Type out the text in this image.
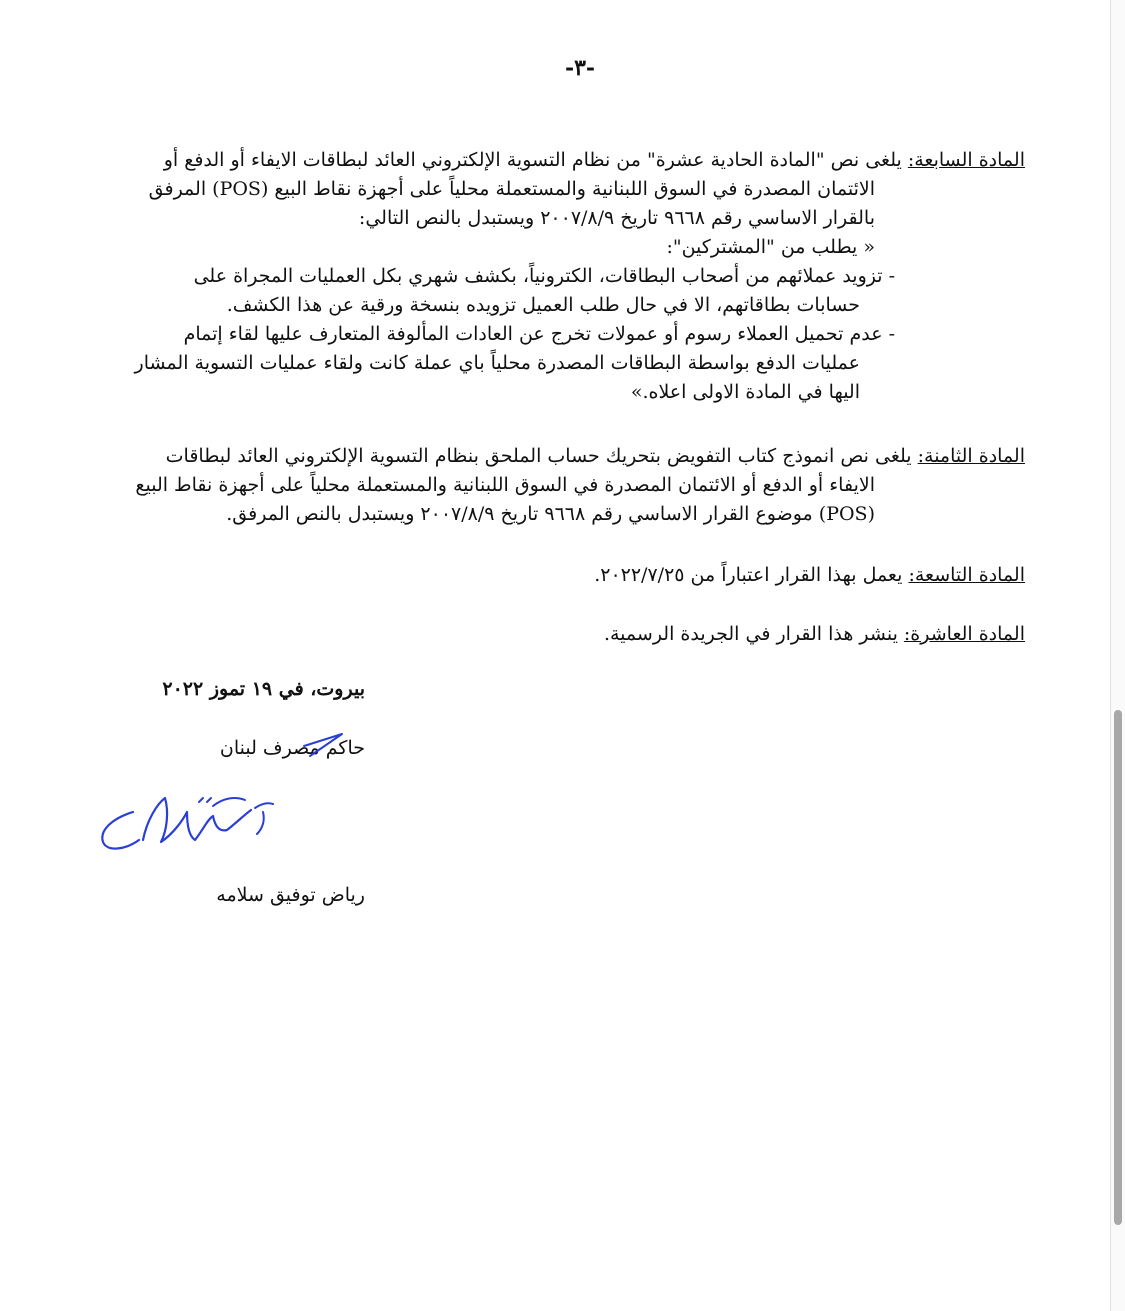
-٣-
المادة السابعة: يلغى نص "المادة الحادية عشرة" من نظام التسوية الإلكتروني العائد لبطاقات الايفاء أو الدفع أو
الائتمان المصدرة في السوق اللبنانية والمستعملة محلياً على أجهزة نقاط البيع (POS) المرفق
بالقرار الاساسي رقم ٩٦٦٨ تاريخ ٢٠٠٧/٨/٩ ويستبدل بالنص التالي:
« يطلب من "المشتركين":
- تزويد عملائهم من أصحاب البطاقات، الكترونياً، بكشف شهري بكل العمليات المجراة على
حسابات بطاقاتهم، الا في حال طلب العميل تزويده بنسخة ورقية عن هذا الكشف.
- عدم تحميل العملاء رسوم أو عمولات تخرج عن العادات المألوفة المتعارف عليها لقاء إتمام
عمليات الدفع بواسطة البطاقات المصدرة محلياً باي عملة كانت ولقاء عمليات التسوية المشار
اليها في المادة الاولى اعلاه.»
المادة الثامنة: يلغى نص انموذج كتاب التفويض بتحريك حساب الملحق بنظام التسوية الإلكتروني العائد لبطاقات
الايفاء أو الدفع أو الائتمان المصدرة في السوق اللبنانية والمستعملة محلياً على أجهزة نقاط البيع
(POS) موضوع القرار الاساسي رقم ٩٦٦٨ تاريخ ٢٠٠٧/٨/٩ ويستبدل بالنص المرفق.
المادة التاسعة: يعمل بهذا القرار اعتباراً من ٢٠٢٢/٧/٢٥.
المادة العاشرة: ينشر هذا القرار في الجريدة الرسمية.
بيروت، في ١٩ تموز ٢٠٢٢
حاكم مصرف لبنان
رياض توفيق سلامه
